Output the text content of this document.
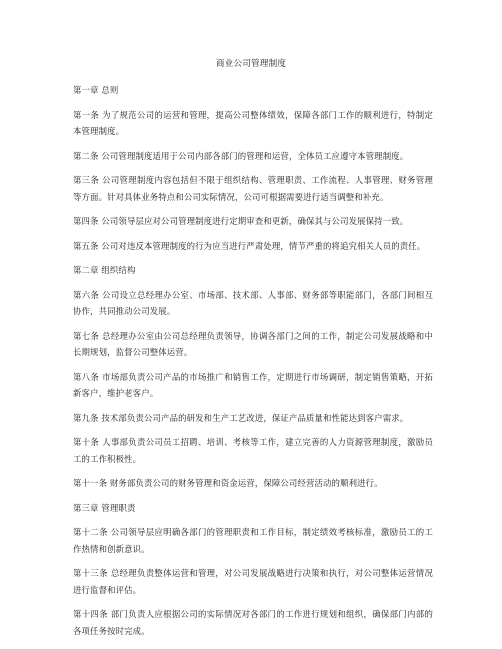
商业公司管理制度
第一章 总则
第一条 为了规范公司的运营和管理，提高公司整体绩效，保障各部门工作的顺利进行，特制定本管理制度。
第二条 公司管理制度适用于公司内部各部门的管理和运营，全体员工应遵守本管理制度。
第三条 公司管理制度内容包括但不限于组织结构、管理职责、工作流程、人事管理、财务管理等方面。针对具体业务特点和公司实际情况，公司可根据需要进行适当调整和补充。
第四条 公司领导层应对公司管理制度进行定期审查和更新，确保其与公司发展保持一致。
第五条 公司对违反本管理制度的行为应当进行严肃处理，情节严重的将追究相关人员的责任。
第二章 组织结构
第六条 公司设立总经理办公室、市场部、技术部、人事部、财务部等职能部门，各部门间相互协作，共同推动公司发展。
第七条 总经理办公室由公司总经理负责领导，协调各部门之间的工作，制定公司发展战略和中长期规划，监督公司整体运营。
第八条 市场部负责公司产品的市场推广和销售工作，定期进行市场调研，制定销售策略，开拓新客户，维护老客户。
第九条 技术部负责公司产品的研发和生产工艺改进，保证产品质量和性能达到客户需求。
第十条 人事部负责公司员工招聘、培训、考核等工作，建立完善的人力资源管理制度，激励员工的工作积极性。
第十一条 财务部负责公司的财务管理和资金运营，保障公司经营活动的顺利进行。
第三章 管理职责
第十二条 公司领导层应明确各部门的管理职责和工作目标，制定绩效考核标准，激励员工的工作热情和创新意识。
第十三条 总经理负责整体运营和管理，对公司发展战略进行决策和执行，对公司整体运营情况进行监督和评估。
第十四条 部门负责人应根据公司的实际情况对各部门的工作进行规划和组织，确保部门内部的各项任务按时完成。
